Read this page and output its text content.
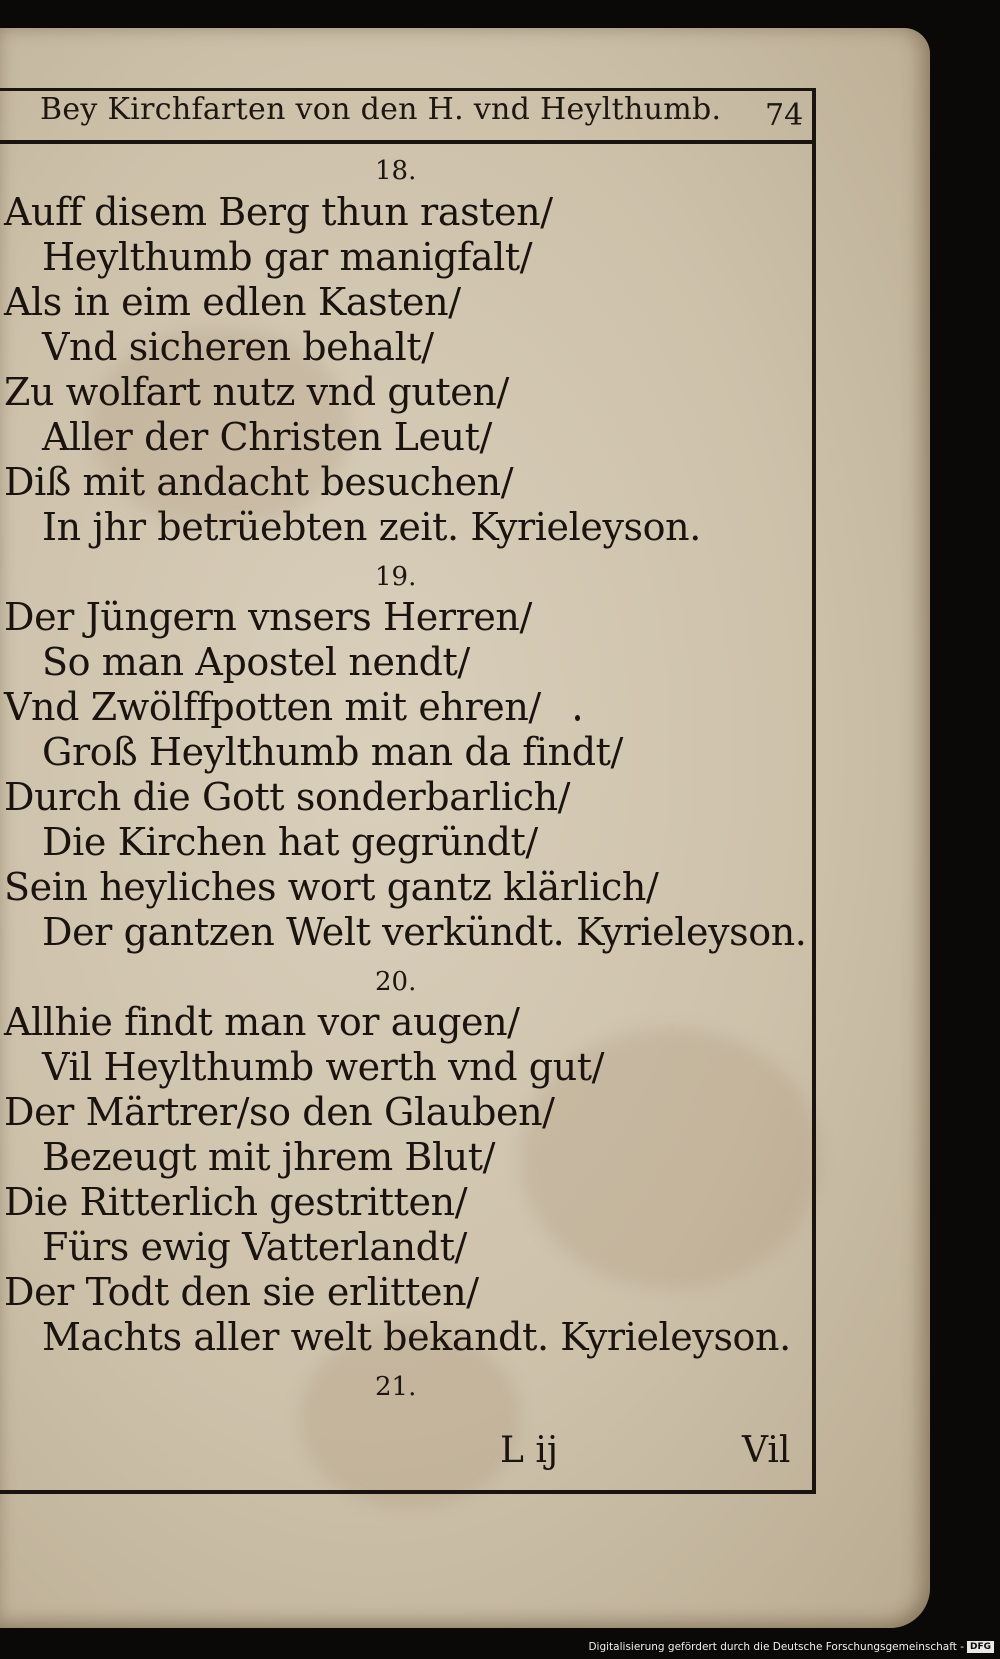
Bey Kirchfarten von den H. vnd Heylthumb.	74
18.
Auff disem Berg thun rasten/
Heylthumb gar manigfalt/
Als in eim edlen Kasten/
Vnd sicheren behalt/
Zu wolfart nutz vnd guten/
Aller der Christen Leut/
Diß mit andacht besuchen/
In jhr betrüebten zeit. Kyrieleyson.
19.
Der Jüngern vnsers Herren/
So man Apostel nendt/
Vnd Zwölffpotten mit ehren/
Groß Heylthumb man da findt/
Durch die Gott sonderbarlich/
Die Kirchen hat gegründt/
Sein heyliches wort gantz klärlich/
Der gantzen Welt verkündt. Kyrieleyson.
20.
Allhie findt man vor augen/
Vil Heylthumb werth vnd gut/
Der Märtrer/so den Glauben/
Bezeugt mit jhrem Blut/
Die Ritterlich gestritten/
Fürs ewig Vatterlandt/
Der Todt den sie erlitten/
Machts aller welt bekandt. Kyrieleyson.
21.
L ij	Vil
Digitalisierung gefördert durch die Deutsche Forschungsgemeinschaft - DFG
